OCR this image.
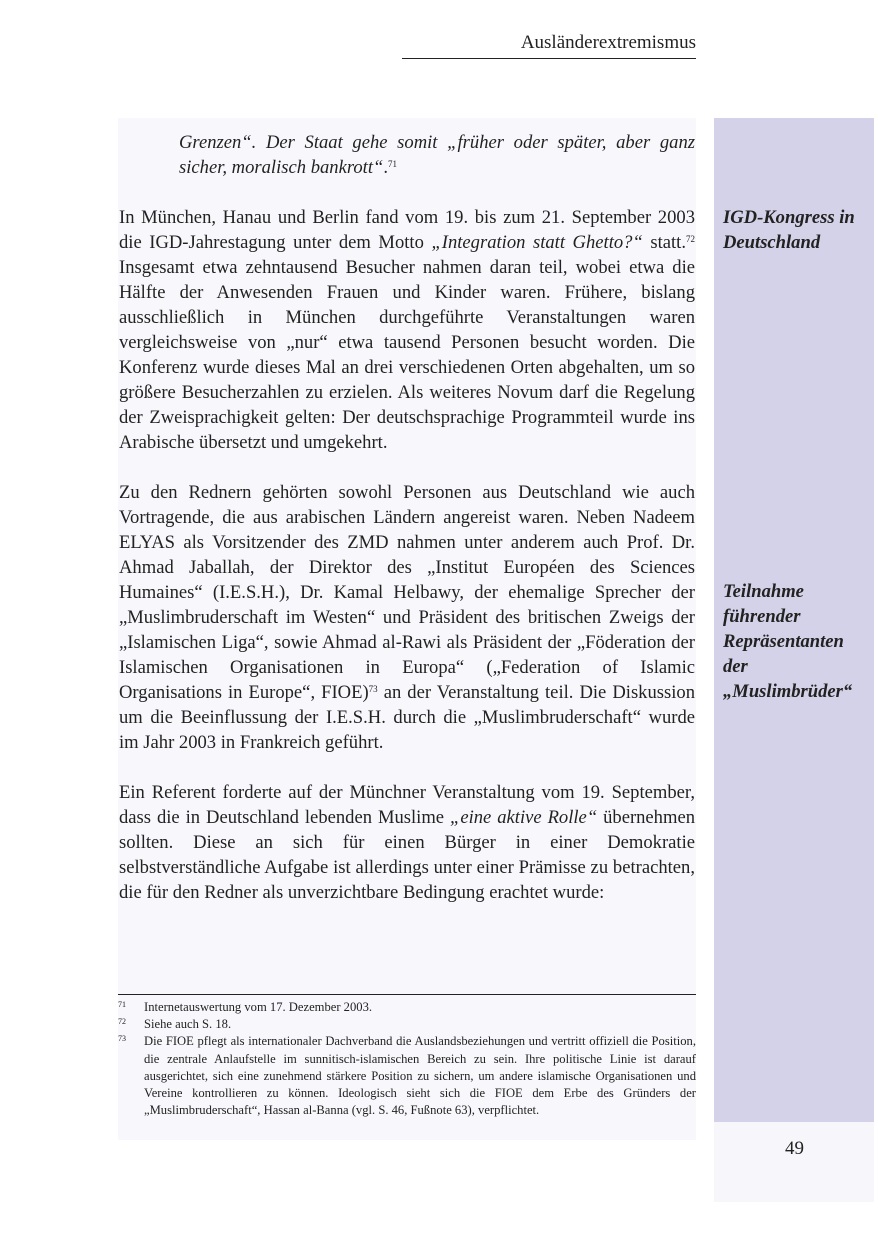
Ausländerextremismus
49

Grenzen“. Der Staat gehe somit „früher oder später, aber ganz sicher, moralisch bankrott“.$^{71}$

In München, Hanau und Berlin fand vom 19. bis zum 21. September 2003 die IGD-Jahrestagung unter dem Motto „Integration statt Ghetto?“ statt.$^{72}$ Insgesamt etwa zehntausend Besucher nahmen daran teil, wobei etwa die Hälfte der Anwesenden Frauen und Kinder waren. Frühere, bislang ausschließlich in München durchgeführte Veranstaltungen waren vergleichsweise von „nur“ etwa tausend Personen besucht worden. Die Konferenz wurde dieses Mal an drei verschiedenen Orten abgehalten, um so größere Besucherzahlen zu erzielen. Als weiteres Novum darf die Regelung der Zweisprachigkeit gelten: Der deutschsprachige Programmteil wurde ins Arabische übersetzt und umgekehrt.

Zu den Rednern gehörten sowohl Personen aus Deutschland wie auch Vortragende, die aus arabischen Ländern angereist waren. Neben Nadeem ELYAS als Vorsitzender des ZMD nahmen unter anderem auch Prof. Dr. Ahmad Jaballah, der Direktor des „Institut Européen des Sciences Humaines“ (I.E.S.H.), Dr. Kamal Helbawy, der ehemalige Sprecher der „Muslimbruderschaft im Westen“ und Präsident des britischen Zweigs der „Islamischen Liga“, sowie Ahmad al-Rawi als Präsident der „Föderation der Islamischen Organisationen in Europa“ („Federation of Islamic Organisations in Europe“, FIOE)$^{73}$ an der Veranstaltung teil. Die Diskussion um die Beeinflussung der I.E.S.H. durch die „Muslimbruderschaft“ wurde im Jahr 2003 in Frankreich geführt.

Ein Referent forderte auf der Münchner Veranstaltung vom 19. September, dass die in Deutschland lebenden Muslime „eine aktive Rolle“ übernehmen sollten. Diese an sich für einen Bürger in einer Demokratie selbstverständliche Aufgabe ist allerdings unter einer Prämisse zu betrachten, die für den Redner als unverzichtbare Bedingung erachtet wurde:

IGD-Kongress in Deutschland
Teilnahme führender Repräsentanten der „Muslimbrüder“
71 Internetauswertung vom 17. Dezember 2003.
72 Siehe auch S. 18.
73 Die FIOE pflegt als internationaler Dachverband die Auslandsbeziehungen und vertritt offiziell die Position, die zentrale Anlaufstelle im sunnitisch-islamischen Bereich zu sein. Ihre politische Linie ist darauf ausgerichtet, sich eine zunehmend stärkere Position zu sichern, um andere islamische Organisationen und Vereine kontrollieren zu können. Ideologisch sieht sich die FIOE dem Erbe des Gründers der „Muslimbruderschaft“, Hassan al-Banna (vgl. S. 46, Fußnote 63), verpflichtet.
